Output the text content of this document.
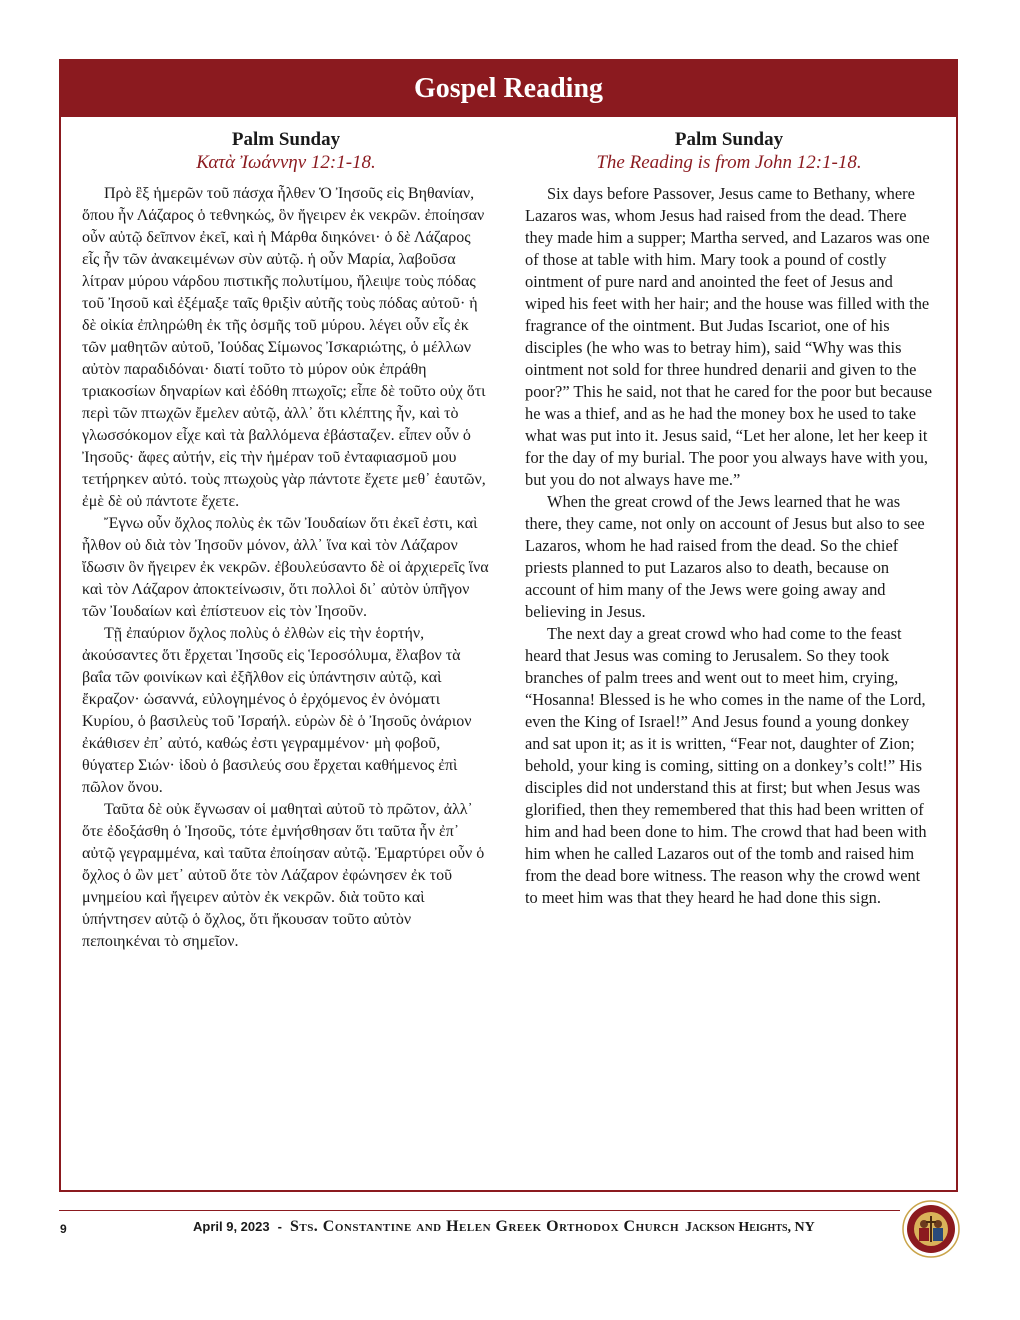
Gospel Reading
Palm Sunday
Κατὰ Ἰωάννην 12:1-18.

Πρὸ ἓξ ἡμερῶν τοῦ πάσχα ἦλθεν Ὁ Ἰησοῦς εἰς Βηθανίαν, ὅπου ἦν Λάζαρος ὁ τεθνηκώς, ὃν ἤγειρεν ἐκ νεκρῶν. ἐποίησαν οὖν αὐτῷ δεῖπνον ἐκεῖ, καὶ ἡ Μάρθα διηκόνει· ὁ δὲ Λάζαρος εἷς ἦν τῶν ἀνακειμένων σὺν αὐτῷ. ἡ οὖν Μαρία, λαβοῦσα λίτραν μύρου νάρδου πιστικῆς πολυτίμου, ἤλειψε τοὺς πόδας τοῦ Ἰησοῦ καὶ ἐξέμαξε ταῖς θριξὶν αὐτῆς τοὺς πόδας αὐτοῦ· ἡ δὲ οἰκία ἐπληρώθη ἐκ τῆς ὀσμῆς τοῦ μύρου. λέγει οὖν εἷς ἐκ τῶν μαθητῶν αὐτοῦ, Ἰούδας Σίμωνος Ἰσκαριώτης, ὁ μέλλων αὐτὸν παραδιδόναι· διατί τοῦτο τὸ μύρον οὐκ ἐπράθη τριακοσίων δηναρίων καὶ ἐδόθη πτωχοῖς; εἶπε δὲ τοῦτο οὐχ ὅτι περὶ τῶν πτωχῶν ἔμελεν αὐτῷ, ἀλλ᾽ ὅτι κλέπτης ἦν, καὶ τὸ γλωσσόκομον εἶχε καὶ τὰ βαλλόμενα ἐβάσταζεν. εἶπεν οὖν ὁ Ἰησοῦς· ἄφες αὐτήν, εἰς τὴν ἡμέραν τοῦ ἐνταφιασμοῦ μου τετήρηκεν αὐτό. τοὺς πτωχοὺς γὰρ πάντοτε ἔχετε μεθ᾽ ἑαυτῶν, ἐμὲ δὲ οὐ πάντοτε ἔχετε.

Ἔγνω οὖν ὄχλος πολὺς ἐκ τῶν Ἰουδαίων ὅτι ἐκεῖ ἐστι, καὶ ἦλθον οὐ διὰ τὸν Ἰησοῦν μόνον, ἀλλ᾽ ἵνα καὶ τὸν Λάζαρον ἴδωσιν ὃν ἤγειρεν ἐκ νεκρῶν. ἐβουλεύσαντο δὲ οἱ ἀρχιερεῖς ἵνα καὶ τὸν Λάζαρον ἀποκτείνωσιν, ὅτι πολλοὶ δι᾽ αὐτὸν ὑπῆγον τῶν Ἰουδαίων καὶ ἐπίστευον εἰς τὸν Ἰησοῦν.

Τῇ ἐπαύριον ὄχλος πολὺς ὁ ἐλθὼν εἰς τὴν ἑορτήν, ἀκούσαντες ὅτι ἔρχεται Ἰησοῦς εἰς Ἱεροσόλυμα, ἔλαβον τὰ βαΐα τῶν φοινίκων καὶ ἐξῆλθον εἰς ὑπάντησιν αὐτῷ, καὶ ἔκραζον· ὡσαννά, εὐλογημένος ὁ ἐρχόμενος ἐν ὀνόματι Κυρίου, ὁ βασιλεὺς τοῦ Ἰσραήλ. εὑρὼν δὲ ὁ Ἰησοῦς ὀνάριον ἐκάθισεν ἐπ᾽ αὐτό, καθώς ἐστι γεγραμμένον· μὴ φοβοῦ, θύγατερ Σιών· ἰδοὺ ὁ βασιλεύς σου ἔρχεται καθήμενος ἐπὶ πῶλον ὄνου.

Ταῦτα δὲ οὐκ ἔγνωσαν οἱ μαθηταὶ αὐτοῦ τὸ πρῶτον, ἀλλ᾽ ὅτε ἐδοξάσθη ὁ Ἰησοῦς, τότε ἐμνήσθησαν ὅτι ταῦτα ἦν ἐπ᾽ αὐτῷ γεγραμμένα, καὶ ταῦτα ἐποίησαν αὐτῷ. Ἐμαρτύρει οὖν ὁ ὄχλος ὁ ὢν μετ᾽ αὐτοῦ ὅτε τὸν Λάζαρον ἐφώνησεν ἐκ τοῦ μνημείου καὶ ἤγειρεν αὐτὸν ἐκ νεκρῶν. διὰ τοῦτο καὶ ὑπήντησεν αὐτῷ ὁ ὄχλος, ὅτι ἤκουσαν τοῦτο αὐτὸν πεποιηκέναι τὸ σημεῖον.

Palm Sunday
The Reading is from John 12:1-18.

Six days before Passover, Jesus came to Bethany, where Lazaros was, whom Jesus had raised from the dead. There they made him a supper; Martha served, and Lazaros was one of those at table with him. Mary took a pound of costly ointment of pure nard and anointed the feet of Jesus and wiped his feet with her hair; and the house was filled with the fragrance of the ointment. But Judas Iscariot, one of his disciples (he who was to betray him), said “Why was this ointment not sold for three hundred denarii and given to the poor?” This he said, not that he cared for the poor but because he was a thief, and as he had the money box he used to take what was put into it. Jesus said, “Let her alone, let her keep it for the day of my burial. The poor you always have with you, but you do not always have me.”

When the great crowd of the Jews learned that he was there, they came, not only on account of Jesus but also to see Lazaros, whom he had raised from the dead. So the chief priests planned to put Lazaros also to death, because on account of him many of the Jews were going away and believing in Jesus.

The next day a great crowd who had come to the feast heard that Jesus was coming to Jerusalem. So they took branches of palm trees and went out to meet him, crying, “Hosanna! Blessed is he who comes in the name of the Lord, even the King of Israel!” And Jesus found a young donkey and sat upon it; as it is written, “Fear not, daughter of Zion; behold, your king is coming, sitting on a donkey’s colt!” His disciples did not understand this at first; but when Jesus was glorified, then they remembered that this had been written of him and had been done to him. The crowd that had been with him when he called Lazaros out of the tomb and raised him from the dead bore witness. The reason why the crowd went to meet him was that they heard he had done this sign.

9	April 9, 2023 - Sts. Constantine and Helen Greek Orthodox Church Jackson Heights, NY
